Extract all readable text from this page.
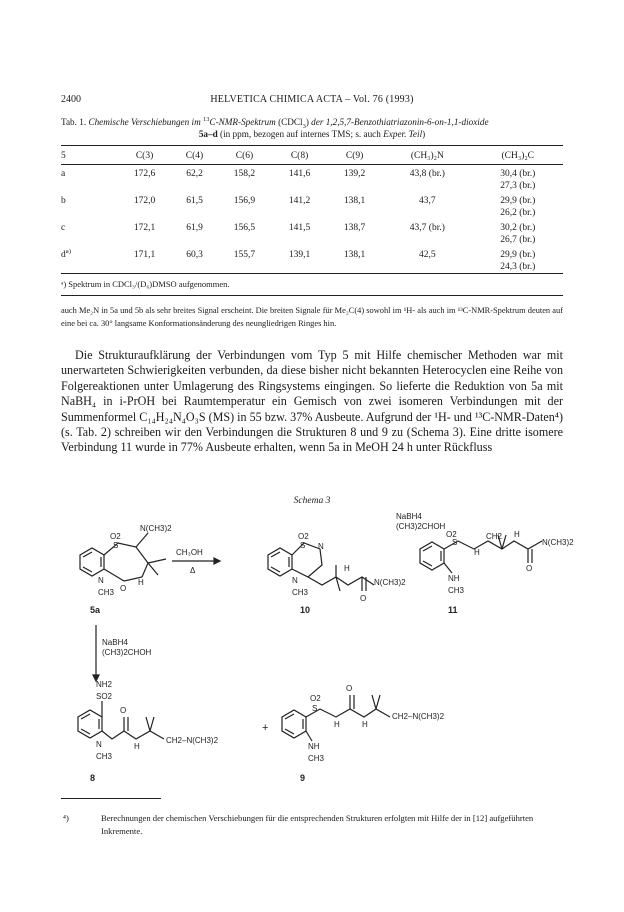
2400	HELVETICA CHIMICA ACTA – Vol. 76 (1993)
Tab. 1. Chemische Verschiebungen im $^{13}$C-NMR-Spektrum (CDCl$_3$) der 1,2,5,7-Benzothiatriazonin-6-on-1,1-dioxide
5a–d (in ppm, bezogen auf internes TMS; s. auch Exper. Teil)
5	C(3)	C(4)	C(6)	C(8)	C(9)	(CH₃)₂N	(CH₃)₂C
a	172,6	62,2	158,2	141,6	139,2	43,8 (br.)	30,4 (br.)
27,3 (br.)

b	172,0	61,5	156,9	141,2	138,1	43,7	29,9 (br.)
26,2 (br.)

c	172,1	61,9	156,5	141,5	138,7	43,7 (br.)	30,2 (br.)
26,7 (br.)

$d^{a)}$	171,1	60,3	155,7	139,1	138,1	42,5	29,9 (br.)
24,3 (br.)
ᵃ) Spektrum in CDCl₃/(D₆)DMSO aufgenommen.
auch Me₂N in 5a und 5b als sehr breites Signal erscheint. Die breiten Signale für Me₂C(4) sowohl im ¹H- als auch im ¹³C-NMR-Spektrum deuten auf eine bei ca. 30° langsame Konformationsänderung des neungliedrigen Ringes hin.

Die Strukturaufklärung der Verbindungen vom Typ 5 mit Hilfe chemischer Methoden war mit unerwarteten Schwierigkeiten verbunden, da diese bisher nicht bekannten Heterocyclen eine Reihe von Folgereaktionen unter Umlagerung des Ringsystems eingingen. So lieferte die Reduktion von 5a mit NaBH₄ in i-PrOH bei Raumtemperatur ein Gemisch von zwei isomeren Verbindungen mit der Summenformel C₁₄H₂₄N₄O₃S (MS) in 55 bzw. 37% Ausbeute. Aufgrund der ¹H- und ¹³C-NMR-Daten⁴) (s. Tab. 2) schreiben wir den Verbindungen die Strukturen 8 und 9 zu (Schema 3). Eine dritte isomere Verbindung 11 wurde in 77% Ausbeute erhalten, wenn 5a in MeOH 24 h unter Rückfluss

Schema 3
O2
S
N(CH3)2
N
CH3
H
O
5a
CH₃OH
Δ
O2
S N
N
CH3
H
O
N(CH3)2
10
NaBH4
(CH3)2CHOH
O2
S
H
CH2 H
O
N(CH3)2
NH
CH3
11
NaBH4
(CH3)2CHOH
NH2
SO2
O
N
CH3
H
CH2–N(CH3)2
8
+
O2
S
O
H	H
CH2–N(CH3)2
NH
CH3
9
⁴)	Berechnungen der chemischen Verschiebungen für die entsprechenden Strukturen erfolgten mit Hilfe der in [12] aufgeführten Inkremente.
